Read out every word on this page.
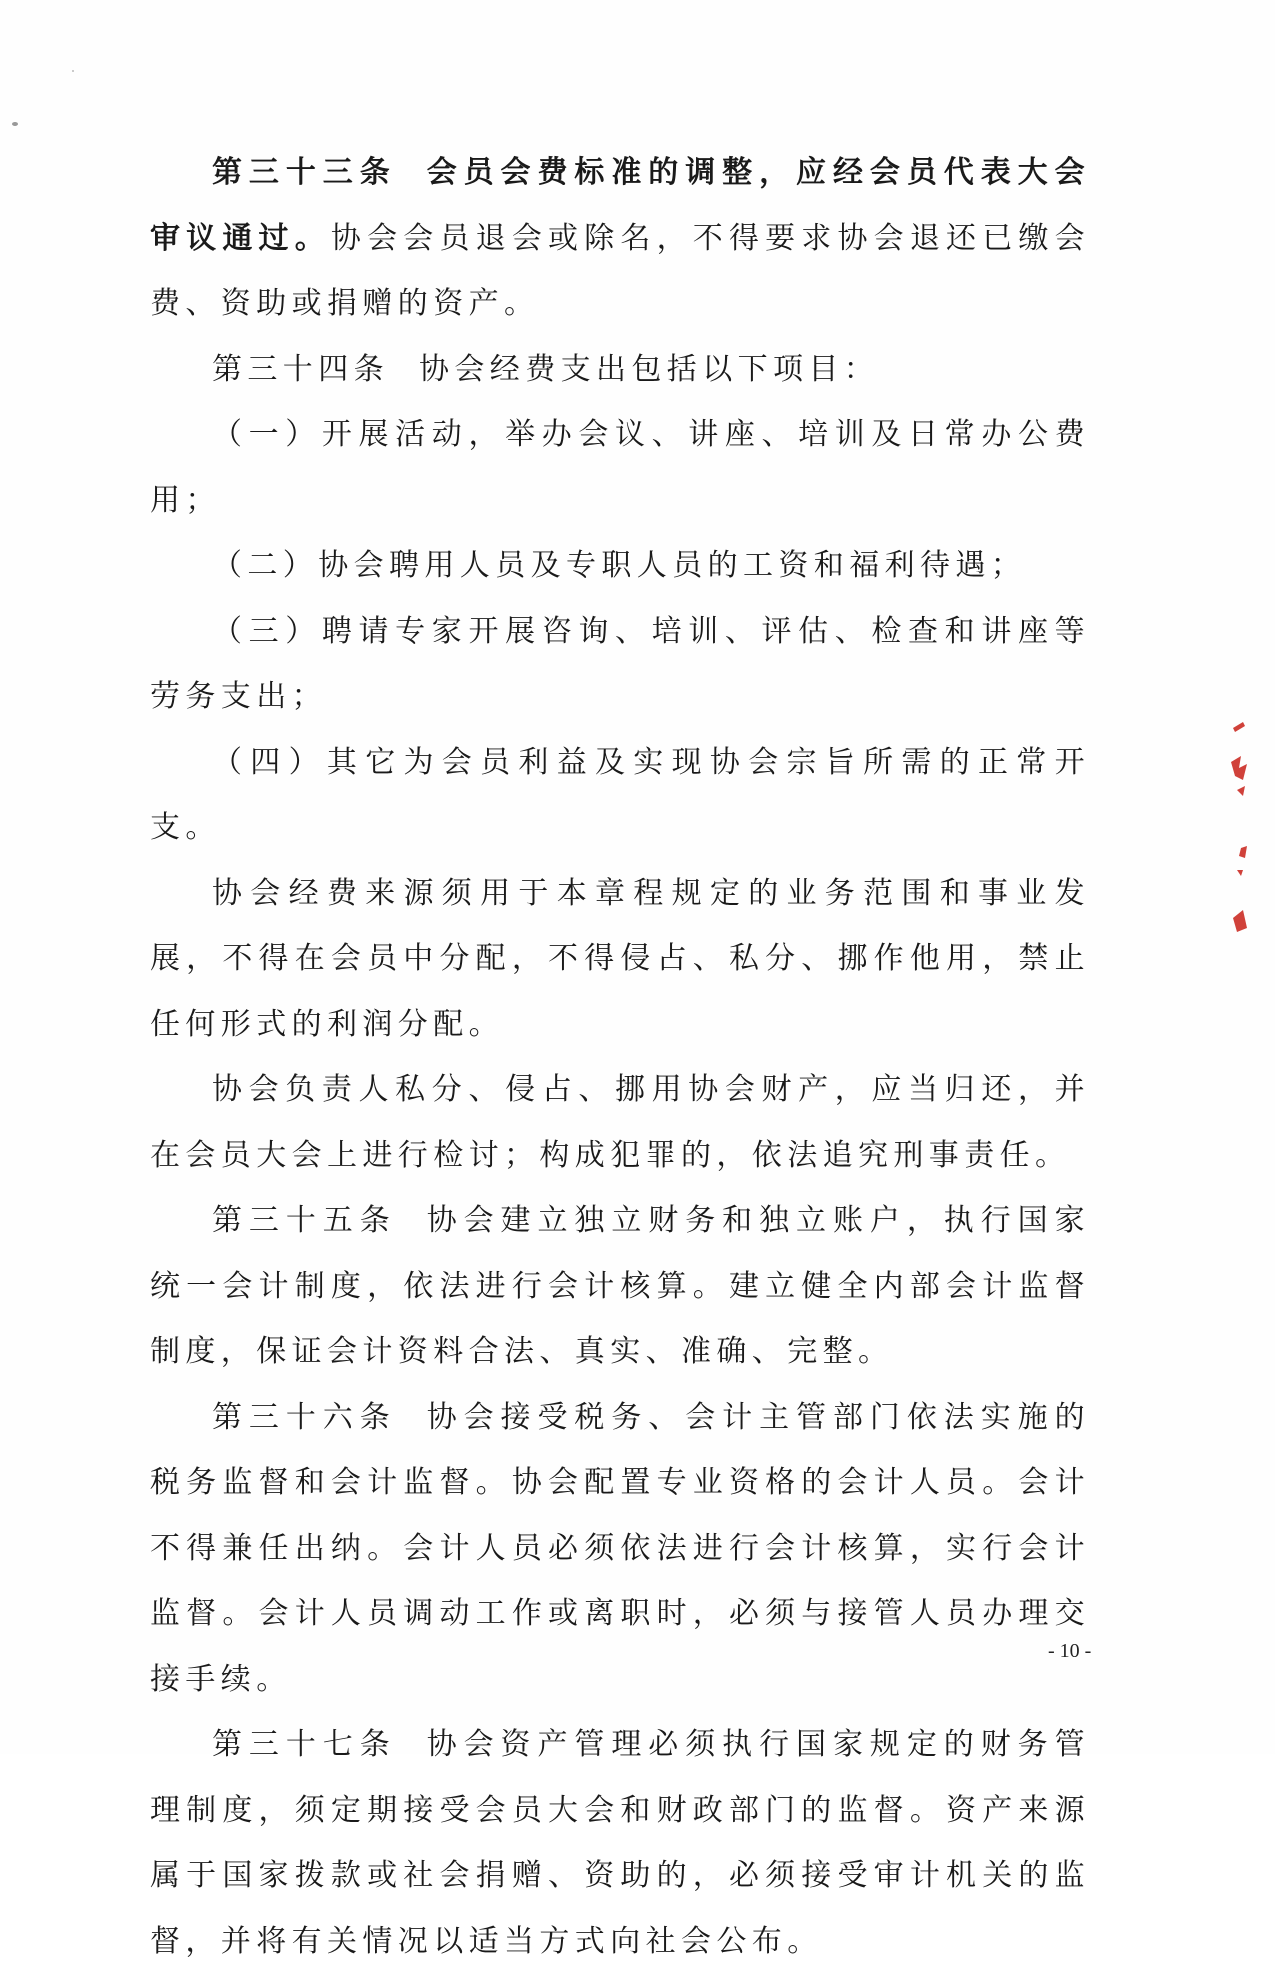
第三十三条 会员会费标准的调整，应经会员代表大会审议通过。协会会员退会或除名，不得要求协会退还已缴会费、资助或捐赠的资产。

第三十四条 协会经费支出包括以下项目：

（一）开展活动，举办会议、讲座、培训及日常办公费用；

（二）协会聘用人员及专职人员的工资和福利待遇；

（三）聘请专家开展咨询、培训、评估、检查和讲座等劳务支出；

（四）其它为会员利益及实现协会宗旨所需的正常开支。

协会经费来源须用于本章程规定的业务范围和事业发展，不得在会员中分配，不得侵占、私分、挪作他用，禁止任何形式的利润分配。

协会负责人私分、侵占、挪用协会财产，应当归还，并在会员大会上进行检讨；构成犯罪的，依法追究刑事责任。

第三十五条 协会建立独立财务和独立账户，执行国家统一会计制度，依法进行会计核算。建立健全内部会计监督制度，保证会计资料合法、真实、准确、完整。

第三十六条 协会接受税务、会计主管部门依法实施的税务监督和会计监督。协会配置专业资格的会计人员。会计不得兼任出纳。会计人员必须依法进行会计核算，实行会计监督。会计人员调动工作或离职时，必须与接管人员办理交接手续。

第三十七条 协会资产管理必须执行国家规定的财务管理制度，须定期接受会员大会和财政部门的监督。资产来源属于国家拨款或社会捐赠、资助的，必须接受审计机关的监督，并将有关情况以适当方式向社会公布。

- 10 -
